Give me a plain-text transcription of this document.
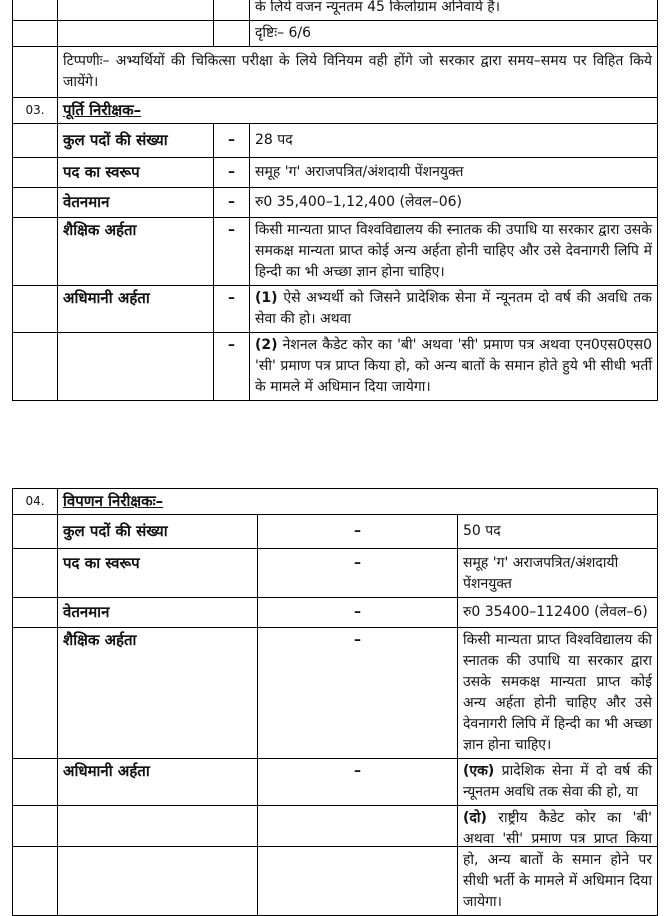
			के लिये वजन न्यूनतम 45 किलोग्राम अनिवार्य है।
			दृष्टिः– 6/6
	टिप्पणीः– अभ्यर्थियों की चिकित्सा परीक्षा के लिये विनियम वही होंगे जो सरकार द्वारा समय–समय पर विहित किये जायेंगे।		
03.	पूर्ति निरीक्षक–		
	कुल पदों की संख्या	–	28 पद
	पद का स्वरूप	–	समूह 'ग' अराजपत्रित/अंशदायी पेंशनयुक्त
	वेतनमान	–	रु0 35,400–1,12,400 (लेवल–06)
	शैक्षिक अर्हता	–	किसी मान्यता प्राप्त विश्वविद्यालय की स्नातक की उपाधि या सरकार द्वारा उसके समकक्ष मान्यता प्राप्त कोई अन्य अर्हता होनी चाहिए और उसे देवनागरी लिपि में हिन्दी का भी अच्छा ज्ञान होना चाहिए।
	अधिमानी अर्हता	–	(1) ऐसे अभ्यर्थी को जिसने प्रादेशिक सेना में न्यूनतम दो वर्ष की अवधि तक सेवा की हो। अथवा
		–	(2) नेशनल कैडेट कोर का 'बी' अथवा 'सी' प्रमाण पत्र अथवा एन0एस0एस0 'सी' प्रमाण पत्र प्राप्त किया हो, को अन्य बातों के समान होते हुये भी सीधी भर्ती के मामले में अधिमान दिया जायेगा।
04.	विपणन निरीक्षकः–		
	कुल पदों की संख्या	–	50 पद
	पद का स्वरूप	–	समूह 'ग' अराजपत्रित/अंशदायी पेंशनयुक्त
	वेतनमान	–	रु0 35400–112400 (लेवल–6)
	शैक्षिक अर्हता	–	किसी मान्यता प्राप्त विश्वविद्यालय की स्नातक की उपाधि या सरकार द्वारा उसके समकक्ष मान्यता प्राप्त कोई अन्य अर्हता होनी चाहिए और उसे देवनागरी लिपि में हिन्दी का भी अच्छा ज्ञान होना चाहिए।
	अधिमानी अर्हता	–	(एक) प्रादेशिक सेना में दो वर्ष की न्यूनतम अवधि तक सेवा की हो, या
			(दो) राष्ट्रीय कैडेट कोर का 'बी' अथवा 'सी' प्रमाण पत्र प्राप्त किया हो, अन्य बातों के समान होने पर सीधी भर्ती के मामले में अधिमान दिया जायेगा।
